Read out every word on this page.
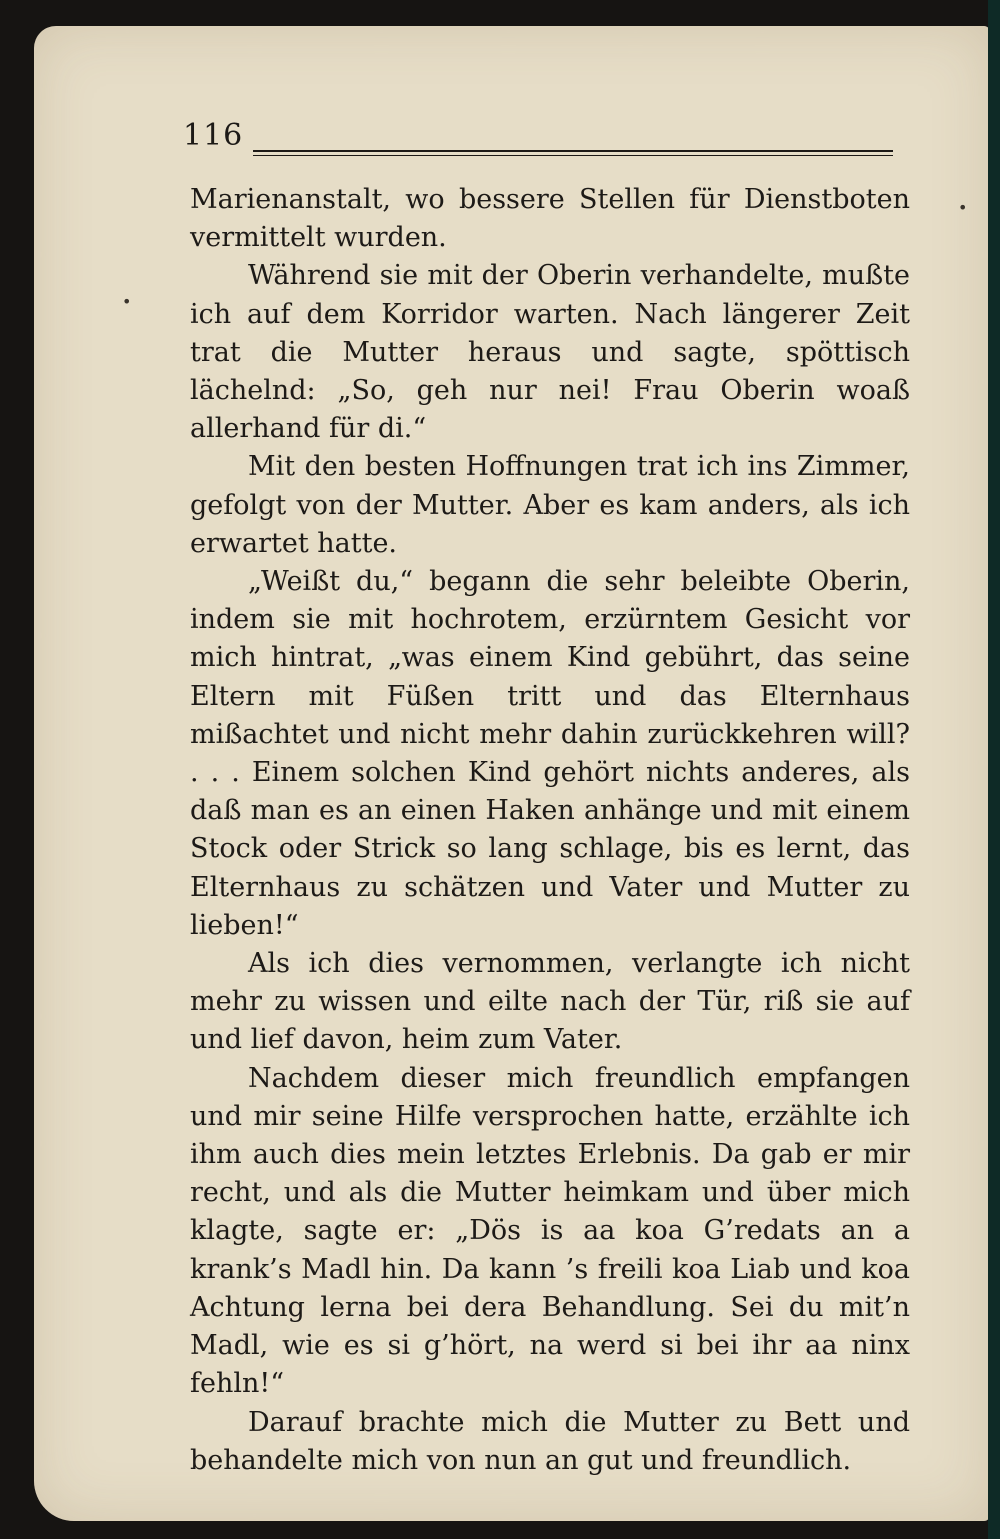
116
•
•

Marienanstalt, wo bessere Stellen für Dienstboten vermittelt wurden.

Während sie mit der Oberin verhandelte, mußte ich auf dem Korridor warten. Nach längerer Zeit trat die Mutter heraus und sagte, spöttisch lächelnd: „So, geh nur nei! Frau Oberin woaß allerhand für di.“

Mit den besten Hoffnungen trat ich ins Zimmer, gefolgt von der Mutter. Aber es kam anders, als ich erwartet hatte.

„Weißt du,“ begann die sehr beleibte Oberin, indem sie mit hochrotem, erzürntem Gesicht vor mich hintrat, „was einem Kind gebührt, das seine Eltern mit Füßen tritt und das Elternhaus mißachtet und nicht mehr dahin zurückkehren will? . . . Einem solchen Kind gehört nichts anderes, als daß man es an einen Haken anhänge und mit einem Stock oder Strick so lang schlage, bis es lernt, das Elternhaus zu schätzen und Vater und Mutter zu lieben!“

Als ich dies vernommen, verlangte ich nicht mehr zu wissen und eilte nach der Tür, riß sie auf und lief davon, heim zum Vater.

Nachdem dieser mich freundlich empfangen und mir seine Hilfe versprochen hatte, erzählte ich ihm auch dies mein letztes Erlebnis. Da gab er mir recht, und als die Mutter heimkam und über mich klagte, sagte er: „Dös is aa koa G’redats an a krank’s Madl hin. Da kann ’s freili koa Liab und koa Achtung lerna bei dera Behandlung. Sei du mit’n Madl, wie es si g’hört, na werd si bei ihr aa ninx fehln!“

Darauf brachte mich die Mutter zu Bett und behandelte mich von nun an gut und freundlich.
